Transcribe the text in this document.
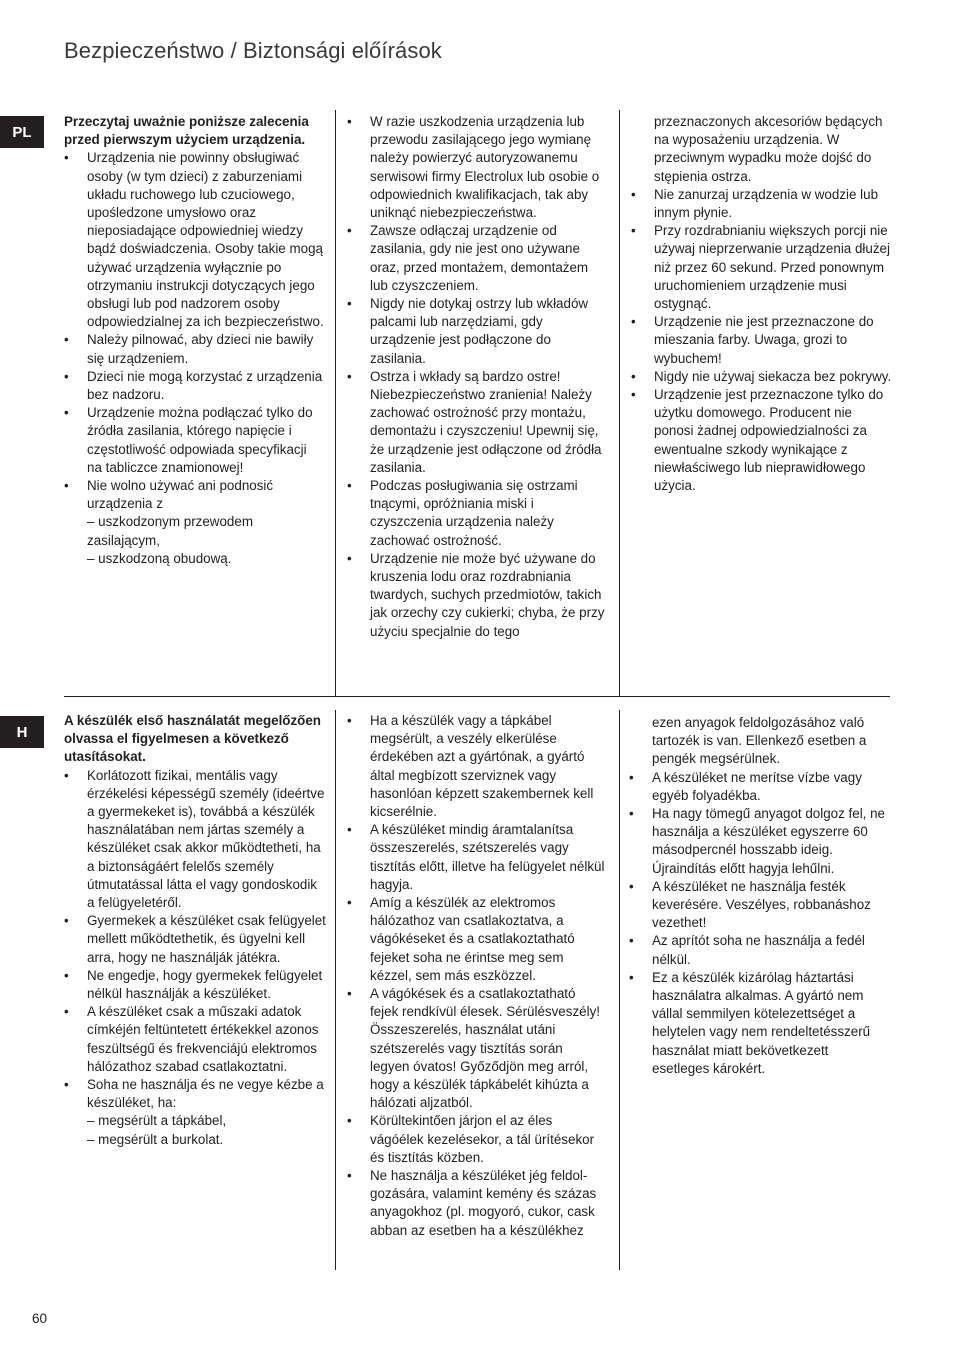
Bezpieczeństwo / Biztonsági előírások
PL

Przeczytaj uważnie poniższe zalecenia przed pierwszym użyciem urządzenia.

• Urządzenia nie powinny obsługiwać osoby (w tym dzieci) z zaburzeniami układu ruchowego lub czuciowego, upośledzone umysłowo oraz nieposiadające odpowiedniej wiedzy bądź doświadczenia. Osoby takie mogą używać urządzenia wyłącznie po otrzymaniu instrukcji dotyczących jego obsługi lub pod nadzorem osoby odpowiedzialnej za ich bezpieczeństwo.
• Należy pilnować, aby dzieci nie bawiły się urządzeniem.
• Dzieci nie mogą korzystać z urządzenia bez nadzoru.
• Urządzenie można podłączać tylko do źródła zasilania, którego napięcie i częstotliwość odpowiada specyfikacji na tabliczce znamionowej!
• Nie wolno używać ani podnosić urządzenia z
– uszkodzonym przewodem zasilającym,
– uszkodzoną obudową.
• W razie uszkodzenia urządzenia lub przewodu zasilającego jego wymianę należy powierzyć autoryzowanemu serwisowi firmy Electrolux lub osobie o odpowiednich kwalifikacjach, tak aby uniknąć niebezpieczeństwa.
• Zawsze odłączaj urządzenie od zasilania, gdy nie jest ono używane oraz, przed montażem, demontażem lub czyszczeniem.
• Nigdy nie dotykaj ostrzy lub wkładów palcami lub narzędziami, gdy urządzenie jest podłączone do zasilania.
• Ostrza i wkłady są bardzo ostre! Niebezpieczeństwo zranienia! Należy zachować ostrożność przy montażu, demontażu i czyszczeniu! Upewnij się, że urządzenie jest odłączone od źródła zasilania.
• Podczas posługiwania się ostrzami tnącymi, opróżniania miski i czyszczenia urządzenia należy zachować ostrożność.
• Urządzenie nie może być używane do kruszenia lodu oraz rozdrabniania twardych, suchych przedmiotów, takich jak orzechy czy cukierki; chyba, że przy użyciu specjalnie do tego

przeznaczonych akcesoriów będących na wyposażeniu urządzenia. W przeciwnym wypadku może dojść do stępienia ostrza.

• Nie zanurzaj urządzenia w wodzie lub innym płynie.
• Przy rozdrabnianiu większych porcji nie używaj nieprzerwanie urządzenia dłużej niż przez 60 sekund. Przed ponownym uruchomieniem urządzenie musi ostygnąć.
• Urządzenie nie jest przeznaczone do mieszania farby. Uwaga, grozi to wybuchem!
• Nigdy nie używaj siekacza bez pokrywy.
• Urządzenie jest przeznaczone tylko do użytku domowego. Producent nie ponosi żadnej odpowiedzialności za ewentualne szkody wynikające z niewłaściwego lub nieprawidłowego użycia.
H

A készülék első használatát megelőzően olvassa el figyelmesen a következő utasításokat.

• Korlátozott fizikai, mentális vagy érzékelési képességű személy (ideértve a gyermekeket is), továbbá a készülék használatában nem jártas személy a készüléket csak akkor működtetheti, ha a biztonságáért felelős személy útmutatással látta el vagy gondoskodik a felügyeletéről.
• Gyermekek a készüléket csak felügyelet mellett működtethetik, és ügyelni kell arra, hogy ne használják játékra.
• Ne engedje, hogy gyermekek felügyelet nélkül használják a készüléket.
• A készüléket csak a műszaki adatok címkéjén feltüntetett értékekkel azonos feszültségű és frekvenciájú elektromos hálózathoz szabad csatlakoztatni.
• Soha ne használja és ne vegye kézbe a készüléket, ha:
– megsérült a tápkábel,
– megsérült a burkolat.
• Ha a készülék vagy a tápkábel megsérült, a veszély elkerülése érdekében azt a gyártónak, a gyártó által megbízott szerviznek vagy hasonlóan képzett szakembernek kell kicserélnie.
• A készüléket mindig áramtalanítsa összeszerelés, szétszerelés vagy tisztítás előtt, illetve ha felügyelet nélkül hagyja.
• Amíg a készülék az elektromos hálózathoz van csatlakoztatva, a vágókéseket és a csatlakoztatható fejeket soha ne érintse meg sem kézzel, sem más eszközzel.
• A vágókések és a csatlakoztatható fejek rendkívül élesek. Sérülésveszély! Összeszerelés, használat utáni szétszerelés vagy tisztítás során legyen óvatos! Győződjön meg arról, hogy a készülék tápkábelét kihúzta a hálózati aljzatból.
• Körültekintően járjon el az éles vágóélek kezelésekor, a tál ürítésekor és tisztítás közben.
• Ne használja a készüléket jég feldol-gozására, valamint kemény és százas anyagokhoz (pl. mogyoró, cukor, cask abban az esetben ha a készülékhez

ezen anyagok feldolgozásához való tartozék is van. Ellenkező esetben a pengék megsérülnek.

• A készüléket ne merítse vízbe vagy egyéb folyadékba.
• Ha nagy tömegű anyagot dolgoz fel, ne használja a készüléket egyszerre 60 másodpercnél hosszabb ideig. Újraindítás előtt hagyja lehűlni.
• A készüléket ne használja festék keverésére. Veszélyes, robbanáshoz vezethet!
• Az aprítót soha ne használja a fedél nélkül.
• Ez a készülék kizárólag háztartási használatra alkalmas. A gyártó nem vállal semmilyen kötelezettséget a helytelen vagy nem rendeltetésszerű használat miatt bekövetkezett esetleges károkért.
60
